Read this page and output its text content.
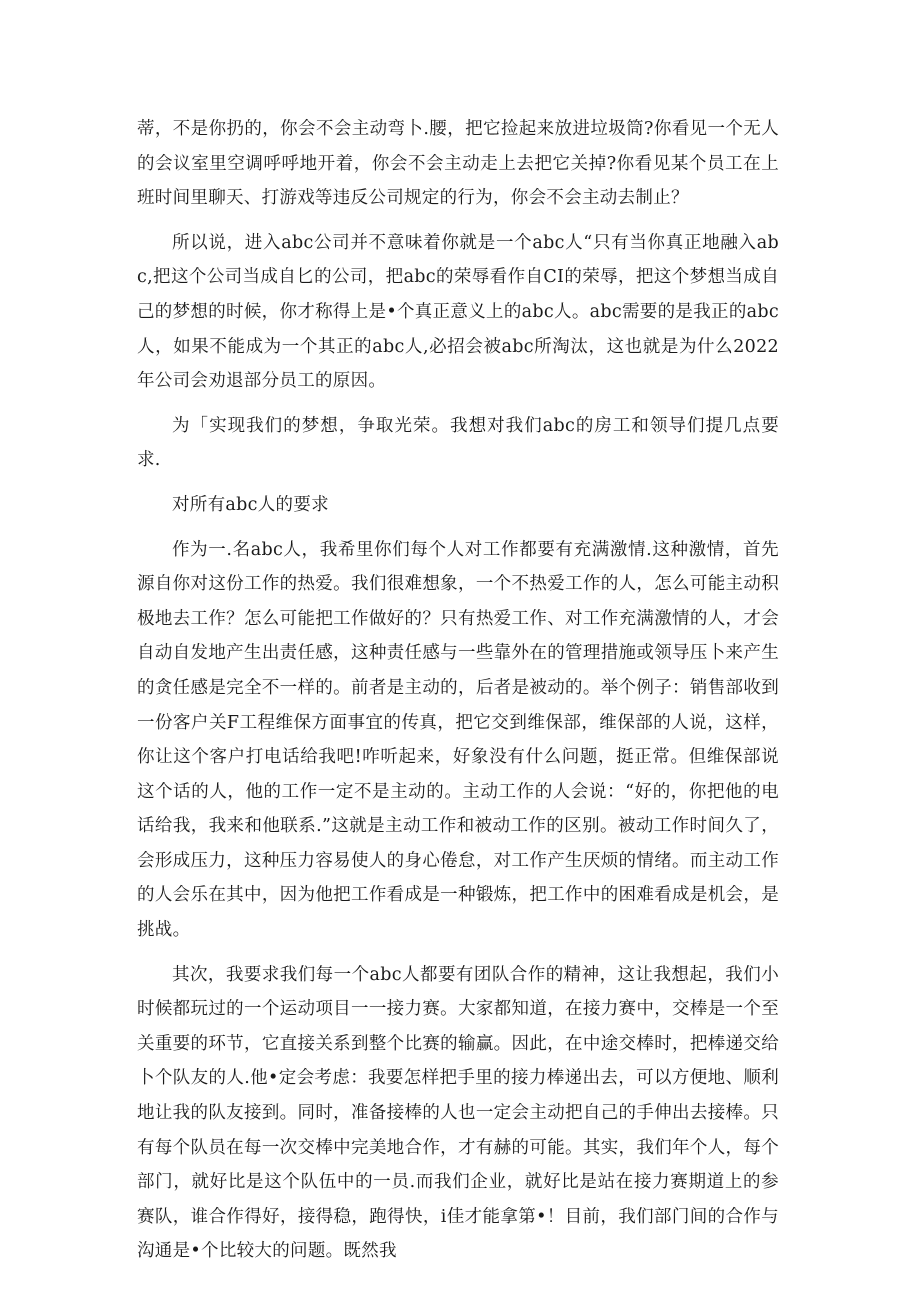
蒂，不是你扔的，你会不会主动弯卜.腰，把它捡起来放进垃圾筒?你看见一个无人的会议室里空调呼呼地开着，你会不会主动走上去把它关掉?你看见某个员工在上班时间里聊天、打游戏等违反公司规定的行为，你会不会主动去制止？

所以说，进入abc公司并不意味着你就是一个abc人“只有当你真正地融入abc,把这个公司当成自匕的公司，把abc的荣辱看作自CI的荣辱，把这个梦想当成自己的梦想的时候，你才称得上是•个真正意义上的abc人。abc需要的是我正的abc人，如果不能成为一个其正的abc人,必招会被abc所淘汰，这也就是为什么2022年公司会劝退部分员工的原因。

为「实现我们的梦想，争取光荣。我想对我们abc的房工和领导们提几点要求.

对所有abc人的要求

作为一.名abc人，我希里你们每个人对工作都要有充满激情.这种激情，首先源自你对这份工作的热爱。我们很难想象，一个不热爱工作的人，怎么可能主动积极地去工作？怎么可能把工作做好的？只有热爱工作、对工作充满激情的人，才会自动自发地产生出责任感，这种责任感与一些靠外在的管理措施或领导压卜来产生的贪任感是完全不一样的。前者是主动的，后者是被动的。举个例子：销售部收到一份客户关F工程维保方面事宜的传真，把它交到维保部，维保部的人说，这样，你让这个客户打电话给我吧!咋听起来，好象没有什么问题，挺正常。但维保部说这个话的人，他的工作一定不是主动的。主动工作的人会说：“好的，你把他的电话给我，我来和他联系.”这就是主动工作和被动工作的区别。被动工作时间久了，会形成压力，这种压力容易使人的身心倦怠，对工作产生厌烦的情绪。而主动工作的人会乐在其中，因为他把工作看成是一种锻炼，把工作中的困难看成是机会，是挑战。

其次，我要求我们每一个abc人都要有团队合作的精神，这让我想起，我们小时候都玩过的一个运动项目一一接力赛。大家都知道，在接力赛中，交棒是一个至关重要的环节，它直接关系到整个比赛的输赢。因此，在中途交棒时，把棒递交给卜个队友的人.他•定会考虑：我要怎样把手里的接力棒递出去，可以方便地、顺利地让我的队友接到。同时，准备接棒的人也一定会主动把自己的手伸出去接棒。只有每个队员在每一次交棒中完美地合作，才有赫的可能。其实，我们年个人，每个部门，就好比是这个队伍中的一员.而我们企业，就好比是站在接力赛期道上的参赛队，谁合作得好，接得稳，跑得快，i佳才能拿第•！目前，我们部门间的合作与沟通是•个比较大的问题。既然我
